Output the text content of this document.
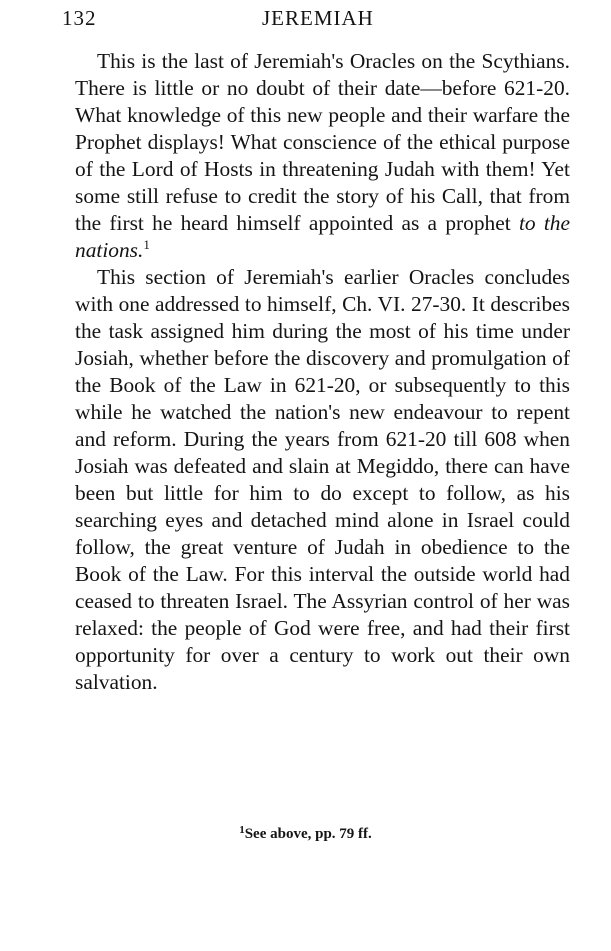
132	JEREMIAH

This is the last of Jeremiah's Oracles on the Scythians. There is little or no doubt of their date—before 621-20. What knowledge of this new people and their warfare the Prophet displays! What conscience of the ethical purpose of the Lord of Hosts in threatening Judah with them! Yet some still refuse to credit the story of his Call, that from the first he heard himself appointed as a prophet to the nations.$^1$

This section of Jeremiah's earlier Oracles concludes with one addressed to himself, Ch. VI. 27-30. It describes the task assigned him during the most of his time under Josiah, whether before the discovery and promulgation of the Book of the Law in 621-20, or subsequently to this while he watched the nation's new endeavour to repent and reform. During the years from 621-20 till 608 when Josiah was defeated and slain at Megiddo, there can have been but little for him to do except to follow, as his searching eyes and detached mind alone in Israel could follow, the great venture of Judah in obedience to the Book of the Law. For this interval the outside world had ceased to threaten Israel. The Assyrian control of her was relaxed: the people of God were free, and had their first opportunity for over a century to work out their own salvation.

$^1$See above, pp. 79 ff.
